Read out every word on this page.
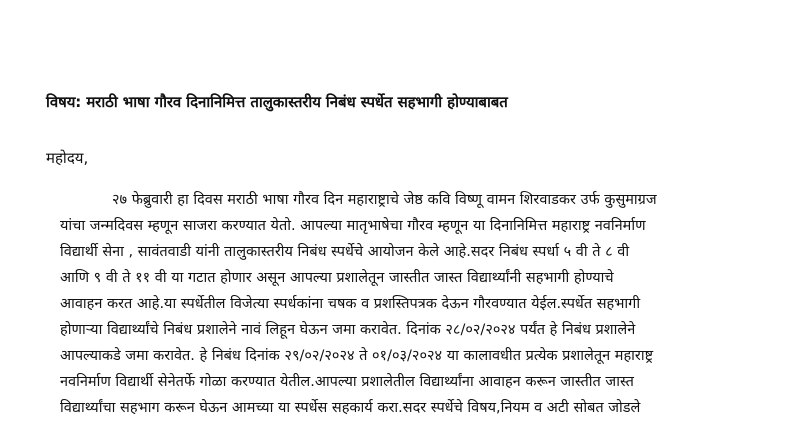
विषय: मराठी भाषा गौरव दिनानिमित्त तालुकास्तरीय निबंध स्पर्धेत सहभागी होण्याबाबत
महोदय,
२७ फेब्रुवारी हा दिवस मराठी भाषा गौरव दिन महाराष्ट्राचे जेष्ठ कवि विष्णू वामन शिरवाडकर उर्फ कुसुमाग्रज
यांचा जन्मदिवस म्हणून साजरा करण्यात येतो. आपल्या मातृभाषेचा गौरव म्हणून या दिनानिमित्त महाराष्ट्र नवनिर्माण
विद्यार्थी सेना , सावंतवाडी यांनी तालुकास्तरीय निबंध स्पर्धेचे आयोजन केले आहे.सदर निबंध स्पर्धा ५ वी ते ८ वी
आणि ९ वी ते ११ वी या गटात होणार असून आपल्या प्रशालेतून जास्तीत जास्त विद्यार्थ्यांनी सहभागी होण्याचे
आवाहन करत आहे.या स्पर्धेतील विजेत्या स्पर्धकांना चषक व प्रशस्तिपत्रक देऊन गौरवण्यात येईल.स्पर्धेत सहभागी
होणाऱ्या विद्यार्थ्यांचे निबंध प्रशालेने नावं लिहून घेऊन जमा करावेत. दिनांक २८/०२/२०२४ पर्यंत हे निबंध प्रशालेने
आपल्याकडे जमा करावेत. हे निबंध दिनांक २९/०२/२०२४ ते ०१/०३/२०२४ या कालावधीत प्रत्येक प्रशालेतून महाराष्ट्र
नवनिर्माण विद्यार्थी सेनेतर्फे गोळा करण्यात येतील.आपल्या प्रशालेतील विद्यार्थ्यांना आवाहन करून जास्तीत जास्त
विद्यार्थ्यांचा सहभाग करून घेऊन आमच्या या स्पर्धेस सहकार्य करा.सदर स्पर्धेचे विषय,नियम व अटी सोबत जोडले
